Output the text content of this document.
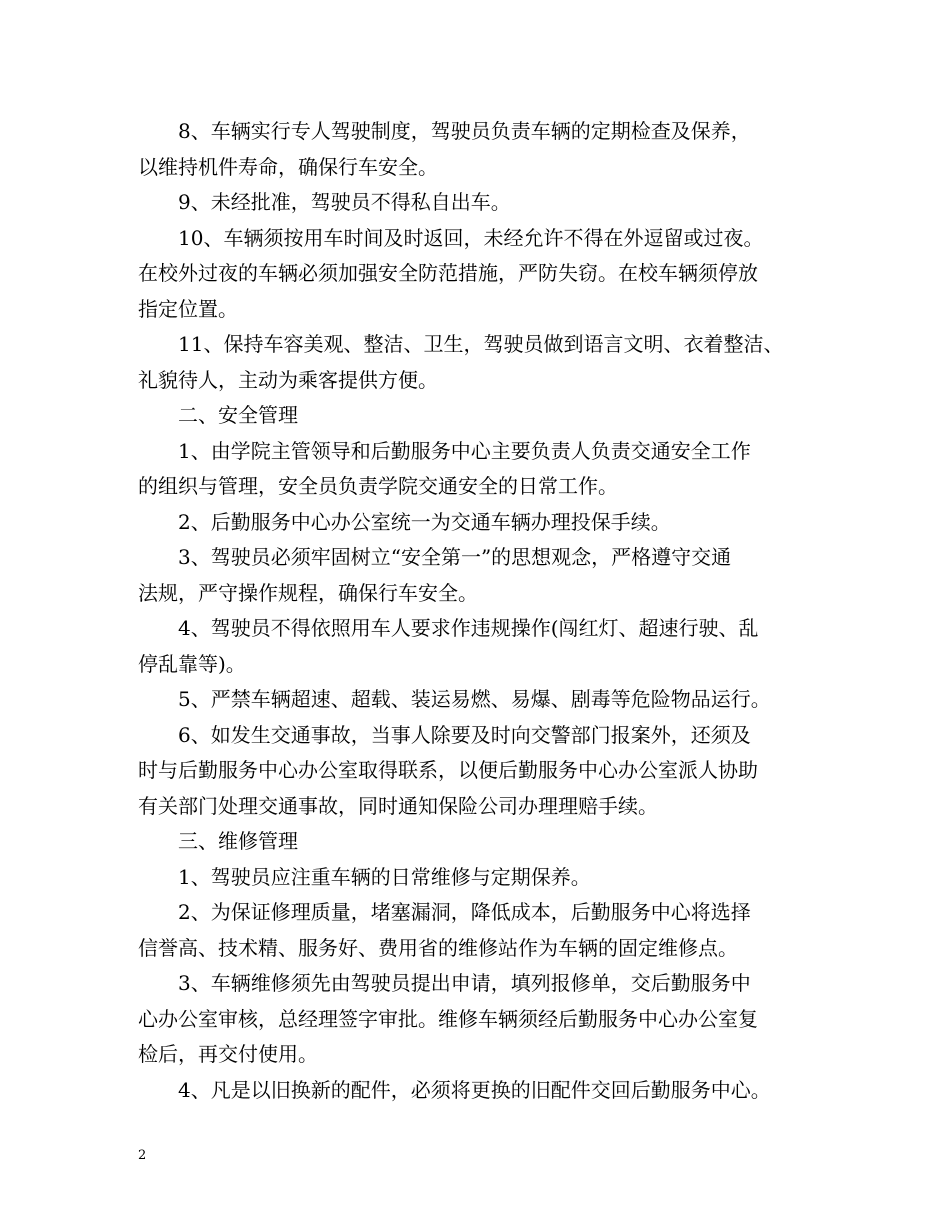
8、车辆实行专人驾驶制度，驾驶员负责车辆的定期检查及保养，
以维持机件寿命，确保行车安全。

9、未经批准，驾驶员不得私自出车。

10、车辆须按用车时间及时返回，未经允许不得在外逗留或过夜。
在校外过夜的车辆必须加强安全防范措施，严防失窃。在校车辆须停放
指定位置。

11、保持车容美观、整洁、卫生，驾驶员做到语言文明、衣着整洁、
礼貌待人，主动为乘客提供方便。

二、安全管理

1、由学院主管领导和后勤服务中心主要负责人负责交通安全工作
的组织与管理，安全员负责学院交通安全的日常工作。

2、后勤服务中心办公室统一为交通车辆办理投保手续。

3、驾驶员必须牢固树立“安全第一”的思想观念，严格遵守交通
法规，严守操作规程，确保行车安全。

4、驾驶员不得依照用车人要求作违规操作(闯红灯、超速行驶、乱
停乱靠等)。

5、严禁车辆超速、超载、装运易燃、易爆、剧毒等危险物品运行。

6、如发生交通事故，当事人除要及时向交警部门报案外，还须及
时与后勤服务中心办公室取得联系，以便后勤服务中心办公室派人协助
有关部门处理交通事故，同时通知保险公司办理理赔手续。

三、维修管理

1、驾驶员应注重车辆的日常维修与定期保养。

2、为保证修理质量，堵塞漏洞，降低成本，后勤服务中心将选择
信誉高、技术精、服务好、费用省的维修站作为车辆的固定维修点。

3、车辆维修须先由驾驶员提出申请，填列报修单，交后勤服务中
心办公室审核，总经理签字审批。维修车辆须经后勤服务中心办公室复
检后，再交付使用。

4、凡是以旧换新的配件，必须将更换的旧配件交回后勤服务中心。

2
